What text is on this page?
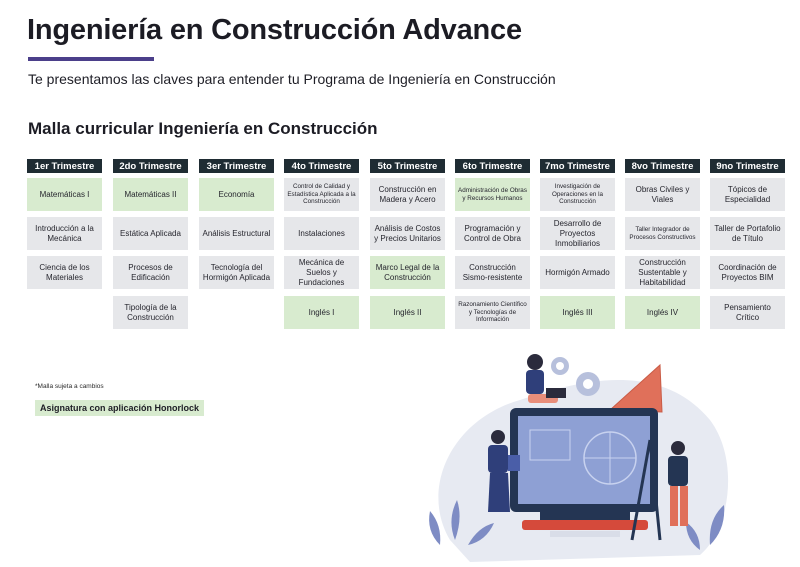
Ingeniería en Construcción Advance
Te presentamos las claves para entender tu Programa de Ingeniería en Construcción
Malla curricular Ingeniería en Construcción
1er Trimestre
Matemáticas I
Introducción a la Mecánica
Ciencia de los Materiales
2do Trimestre
Matemáticas II
Estática Aplicada
Procesos de Edificación
Tipología de la Construcción
3er Trimestre
Economía
Análisis Estructural
Tecnología del Hormigón Aplicada
4to Trimestre
Control de Calidad y Estadística Aplicada a la Construcción
Instalaciones
Mecánica de Suelos y Fundaciones
Inglés I
5to Trimestre
Construcción en Madera y Acero
Análisis de Costos y Precios Unitarios
Marco Legal de la Construcción
Inglés II
6to Trimestre
Administración de Obras y Recursos Humanos
Programación y Control de Obra
Construcción Sismo-resistente
Razonamiento Científico y Tecnologías de Información
7mo Trimestre
Investigación de Operaciones en la Construcción
Desarrollo de Proyectos Inmobiliarios
Hormigón Armado
Inglés III
8vo Trimestre
Obras Civiles y Viales
Taller Integrador de Procesos Constructivos
Construcción Sustentable y Habitabilidad
Inglés IV
9no Trimestre
Tópicos de Especialidad
Taller de Portafolio de Título
Coordinación de Proyectos BIM
Pensamiento Crítico
*Malla sujeta a cambios
Asignatura con aplicación Honorlock
